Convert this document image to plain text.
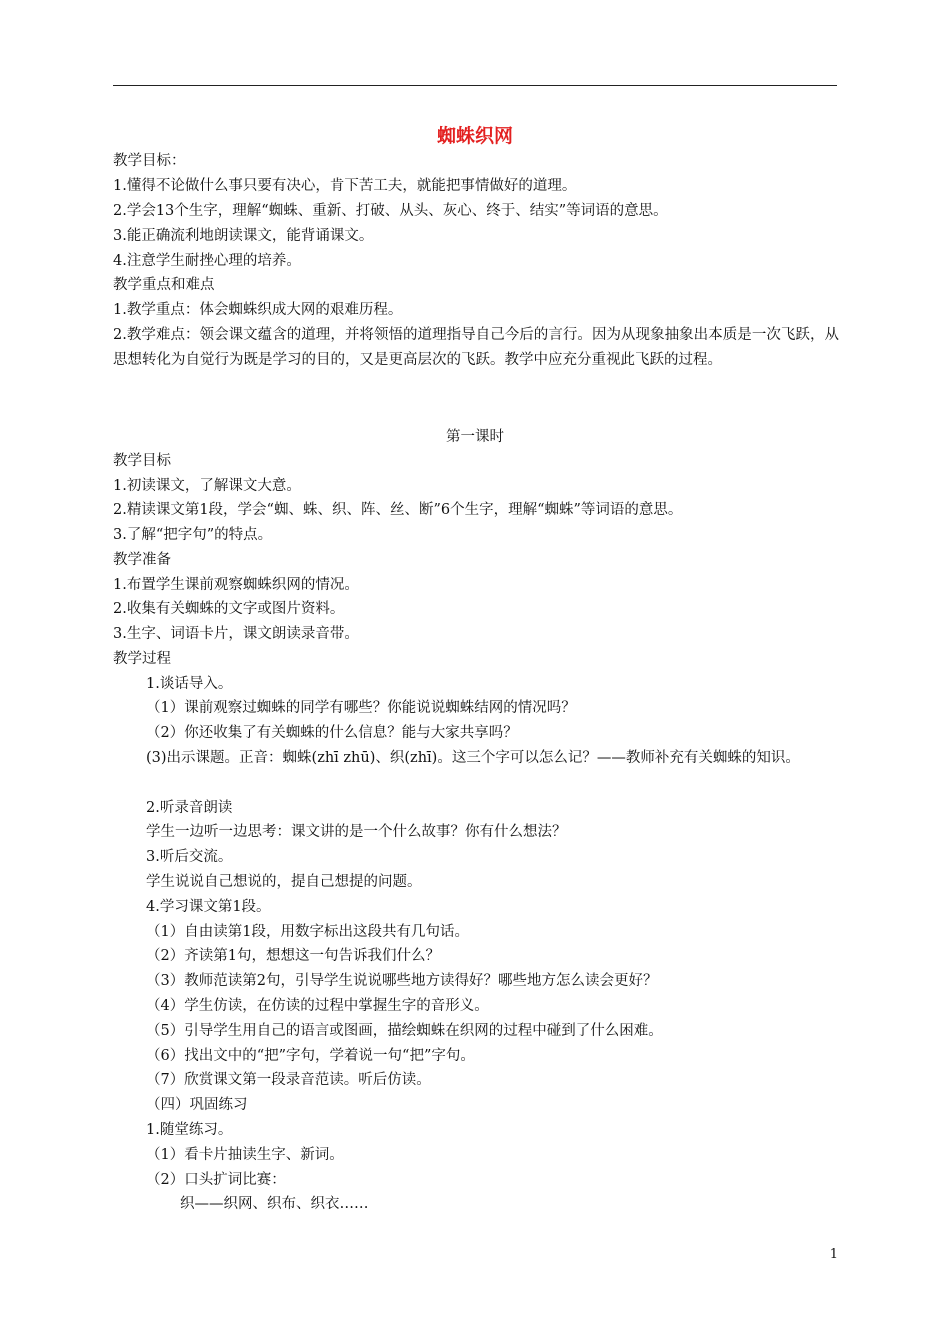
蜘蛛织网
教学目标：
1.懂得不论做什么事只要有决心，肯下苦工夫，就能把事情做好的道理。
2.学会13个生字，理解“蜘蛛、重新、打破、从头、灰心、终于、结实”等词语的意思。
3.能正确流利地朗读课文，能背诵课文。
4.注意学生耐挫心理的培养。
教学重点和难点
1.教学重点：体会蜘蛛织成大网的艰难历程。
2.教学难点：领会课文蕴含的道理，并将领悟的道理指导自己今后的言行。因为从现象抽象出本质是一次飞跃，从思想转化为自觉行为既是学习的目的，又是更高层次的飞跃。教学中应充分重视此飞跃的过程。
第一课时
教学目标
1.初读课文，了解课文大意。
2.精读课文第1段，学会“蜘、蛛、织、阵、丝、断”6个生字，理解“蜘蛛”等词语的意思。
3.了解“把字句”的特点。
教学准备
1.布置学生课前观察蜘蛛织网的情况。
2.收集有关蜘蛛的文字或图片资料。
3.生字、词语卡片，课文朗读录音带。
教学过程
1.谈话导入。
（1）课前观察过蜘蛛的同学有哪些？你能说说蜘蛛结网的情况吗？
（2）你还收集了有关蜘蛛的什么信息？能与大家共享吗？
(3)出示课题。正音：蜘蛛(zhī zhū)、织(zhī)。这三个字可以怎么记？——教师补充有关蜘蛛的知识。
2.听录音朗读
学生一边听一边思考：课文讲的是一个什么故事？你有什么想法？
3.听后交流。
学生说说自己想说的，提自己想提的问题。
4.学习课文第1段。
（1）自由读第1段，用数字标出这段共有几句话。
（2）齐读第1句，想想这一句告诉我们什么？
（3）教师范读第2句，引导学生说说哪些地方读得好？哪些地方怎么读会更好？
（4）学生仿读，在仿读的过程中掌握生字的音形义。
（5）引导学生用自己的语言或图画，描绘蜘蛛在织网的过程中碰到了什么困难。
（6）找出文中的“把”字句，学着说一句“把”字句。
（7）欣赏课文第一段录音范读。听后仿读。
（四）巩固练习
1.随堂练习。
（1）看卡片抽读生字、新词。
（2）口头扩词比赛：
织——织网、织布、织衣……
1
